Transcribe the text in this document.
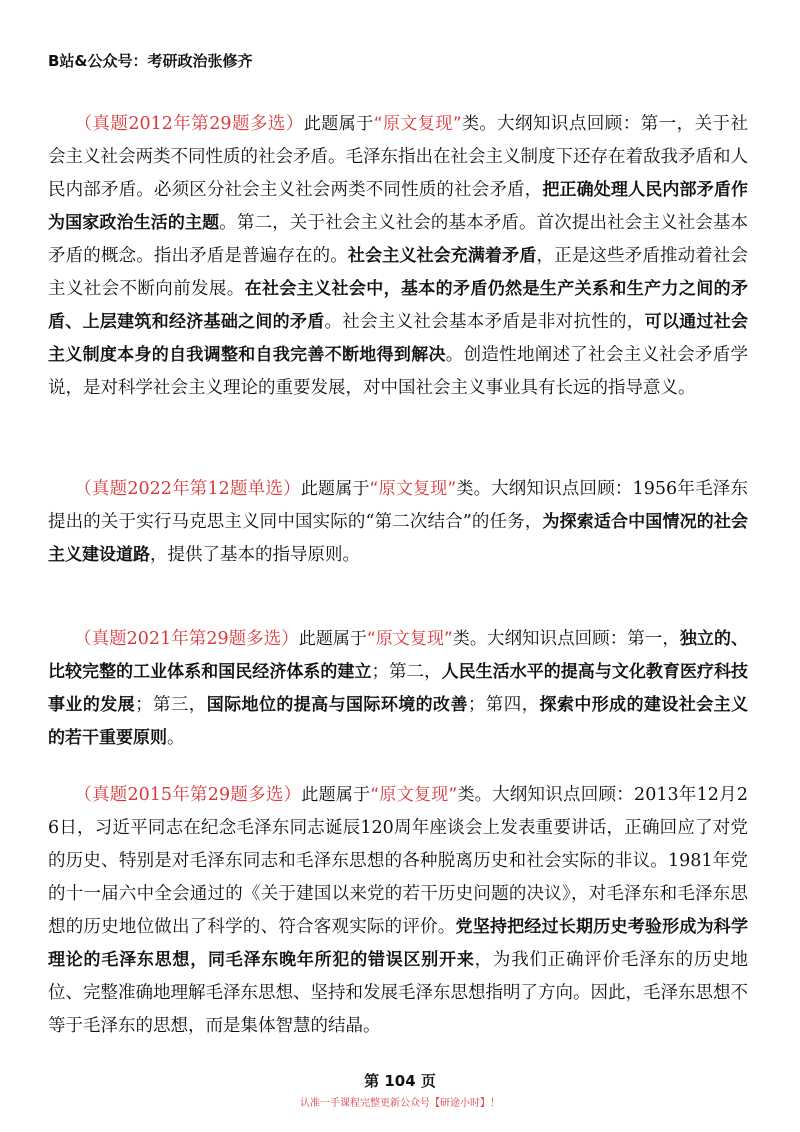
B站&公众号：考研政治张修齐
（真题2012年第29题多选）此题属于“原文复现”类。大纲知识点回顾：第一，关于社会主义社会两类不同性质的社会矛盾。毛泽东指出在社会主义制度下还存在着敌我矛盾和人民内部矛盾。必须区分社会主义社会两类不同性质的社会矛盾，把正确处理人民内部矛盾作为国家政治生活的主题。第二，关于社会主义社会的基本矛盾。首次提出社会主义社会基本矛盾的概念。指出矛盾是普遍存在的。社会主义社会充满着矛盾，正是这些矛盾推动着社会主义社会不断向前发展。在社会主义社会中，基本的矛盾仍然是生产关系和生产力之间的矛盾、上层建筑和经济基础之间的矛盾。社会主义社会基本矛盾是非对抗性的，可以通过社会主义制度本身的自我调整和自我完善不断地得到解决。创造性地阐述了社会主义社会矛盾学说，是对科学社会主义理论的重要发展，对中国社会主义事业具有长远的指导意义。
（真题2022年第12题单选）此题属于“原文复现”类。大纲知识点回顾：1956年毛泽东提出的关于实行马克思主义同中国实际的“第二次结合”的任务，为探索适合中国情况的社会主义建设道路，提供了基本的指导原则。
（真题2021年第29题多选）此题属于“原文复现”类。大纲知识点回顾：第一，独立的、比较完整的工业体系和国民经济体系的建立；第二，人民生活水平的提高与文化教育医疗科技事业的发展；第三，国际地位的提高与国际环境的改善；第四，探索中形成的建设社会主义的若干重要原则。
（真题2015年第29题多选）此题属于“原文复现”类。大纲知识点回顾：2013年12月26日，习近平同志在纪念毛泽东同志诞辰120周年座谈会上发表重要讲话，正确回应了对党的历史、特别是对毛泽东同志和毛泽东思想的各种脱离历史和社会实际的非议。1981年党的十一届六中全会通过的《关于建国以来党的若干历史问题的决议》，对毛泽东和毛泽东思想的历史地位做出了科学的、符合客观实际的评价。党坚持把经过长期历史考验形成为科学理论的毛泽东思想，同毛泽东晚年所犯的错误区别开来，为我们正确评价毛泽东的历史地位、完整准确地理解毛泽东思想、坚持和发展毛泽东思想指明了方向。因此，毛泽东思想不等于毛泽东的思想，而是集体智慧的结晶。
第 104 页
认准一手课程完整更新公众号【研途小时】！
